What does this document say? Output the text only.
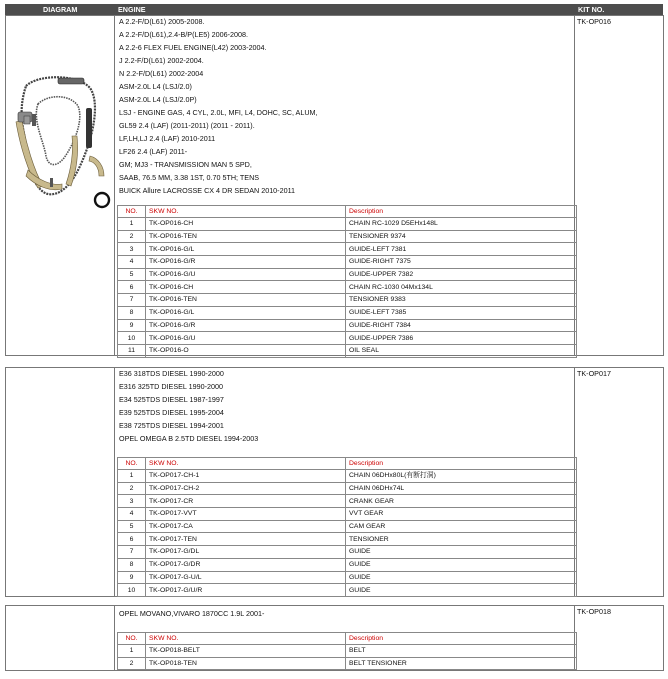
DIAGRAM	ENGINE	KIT NO.
TK-OP016
A 2.2-F/D(L61) 2005-2008.
A 2.2-F/D(L61),2.4-B/P(LE5) 2006-2008.
A 2.2-6 FLEX FUEL ENGINE(L42) 2003-2004.
J 2.2-F/D(L61) 2002-2004.
N 2.2-F/D(L61) 2002-2004
ASM-2.0L L4 (LSJ/2.0)
ASM-2.0L L4 (LSJ/2.0P)
LSJ - ENGINE GAS, 4 CYL, 2.0L, MFI, L4, DOHC, SC, ALUM,
GL59 2.4 (LAF) (2011-2011) (2011 - 2011).
LF,LH,LJ 2.4 (LAF) 2010-2011
LF26 2.4 (LAF) 2011-
GM; MJ3 - TRANSMISSION MAN 5 SPD,
SAAB, 76.5 MM, 3.38 1ST, 0.70 5TH; TENS
BUICK Allure LACROSSE CX 4 DR SEDAN 2010-2011
NO.	SKW NO.	Description
1	TK-OP016-CH	CHAIN RC-1029 D5EHx148L
2	TK-OP016-TEN	TENSIONER 9374
3	TK-OP016-G/L	GUIDE-LEFT 7381
4	TK-OP016-G/R	GUIDE-RIGHT 7375
5	TK-OP016-G/U	GUIDE-UPPER 7382
6	TK-OP016-CH	CHAIN RC-1030 04Mx134L
7	TK-OP016-TEN	TENSIONER 9383
8	TK-OP016-G/L	GUIDE-LEFT 7385
9	TK-OP016-G/R	GUIDE-RIGHT 7384
10	TK-OP016-G/U	GUIDE-UPPER 7386
11	TK-OP016-O	OIL SEAL
TK-OP017
E36 318TDS DIESEL 1990-2000
E316 325TD DIESEL 1990-2000
E34 525TDS DIESEL 1987-1997
E39 525TDS DIESEL 1995-2004
E38 725TDS DIESEL 1994-2001
OPEL OMEGA B 2.5TD DIESEL 1994-2003
NO.	SKW NO.	Description
1	TK-OP017-CH-1	CHAIN 06DHx80L(有断打洞)
2	TK-OP017-CH-2	CHAIN 06DHx74L
3	TK-OP017-CR	CRANK GEAR
4	TK-OP017-VVT	VVT GEAR
5	TK-OP017-CA	CAM GEAR
6	TK-OP017-TEN	TENSIONER
7	TK-OP017-G/DL	GUIDE
8	TK-OP017-G/DR	GUIDE
9	TK-OP017-G-U/L	GUIDE
10	TK-OP017-G/U/R	GUIDE
TK-OP018
OPEL MOVANO,VIVARO 1870CC 1.9L 2001-
NO.	SKW NO.	Description
1	TK-OP018-BELT	BELT
2	TK-OP018-TEN	BELT TENSIONER
